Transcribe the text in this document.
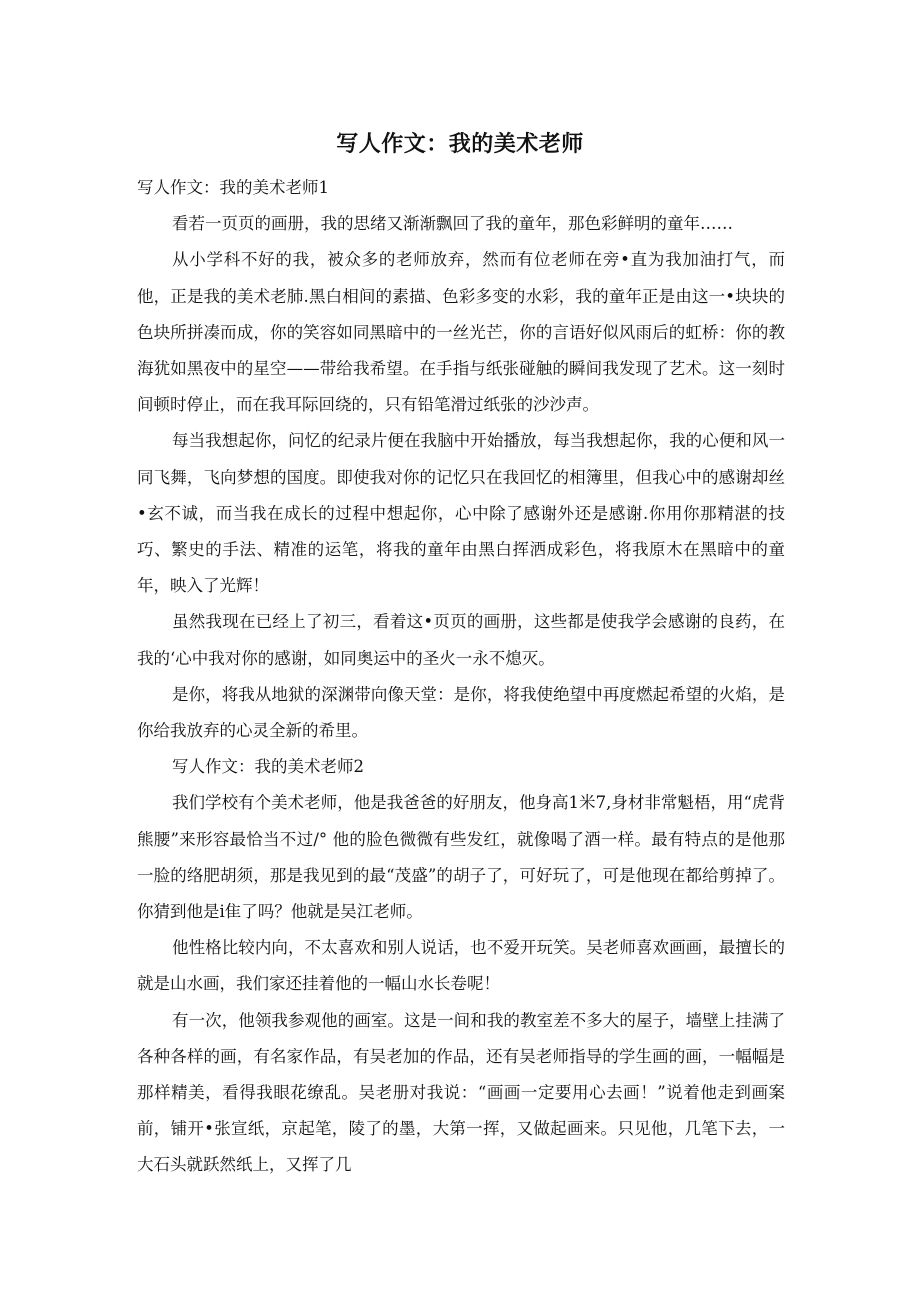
写人作文：我的美术老师

写人作文：我的美术老师1

看若一页页的画册，我的思绪又渐渐飘回了我的童年，那色彩鲜明的童年……

从小学科不好的我，被众多的老师放弃，然而有位老师在旁•直为我加油打气，而他，正是我的美术老肺.黑白相间的素描、色彩多变的水彩，我的童年正是由这一•块块的色块所拼凑而成，你的笑容如同黑暗中的一丝光芒，你的言语好似风雨后的虹桥：你的教海犹如黑夜中的星空——带给我希望。在手指与纸张碰触的瞬间我发现了艺术。这一刻时间顿时停止，而在我耳际回绕的，只有铅笔滑过纸张的沙沙声。

每当我想起你，问忆的纪录片便在我脑中开始播放，每当我想起你，我的心便和风一同飞舞，飞向梦想的国度。即使我对你的记忆只在我回忆的相簿里，但我心中的感谢却丝•玄不诚，而当我在成长的过程中想起你，心中除了感谢外还是感谢.你用你那精湛的技巧、繁史的手法、精准的运笔，将我的童年由黑白挥洒成彩色，将我原木在黑暗中的童年，映入了光辉！

虽然我现在已经上了初三，看着这•页页的画册，这些都是使我学会感谢的良药，在我的‘心中我对你的感谢，如同奥运中的圣火一永不熄灭。

是你，将我从地狱的深渊带向像天堂：是你，将我使绝望中再度燃起希望的火焰，是你给我放弃的心灵全新的希里。

写人作文：我的美术老师2

我们学校有个美术老师，他是我爸爸的好朋友，他身高1米7,身材非常魁梧，用“虎背熊腰”来形容最恰当不过/° 他的脸色微微有些发红，就像喝了酒一样。最有特点的是他那一脸的络肥胡须，那是我见到的最“茂盛”的胡子了，可好玩了，可是他现在都给剪掉了。你猜到他是i隹了吗？他就是吴江老师。

他性格比较内向，不太喜欢和别人说话，也不爱开玩笑。吴老师喜欢画画，最擅长的就是山水画，我们家还挂着他的一幅山水长卷呢！

有一次，他领我参观他的画室。这是一间和我的教室差不多大的屋子，墙壁上挂满了各种各样的画，有名家作品，有吴老加的作品，还有吴老师指导的学生画的画，一幅幅是那样精美，看得我眼花缭乱。吴老册对我说：“画画一定要用心去画！”说着他走到画案前，铺开•张宣纸，京起笔，陵了的墨，大第一挥，又做起画来。只见他，几笔下去，一大石头就跃然纸上，又挥了几
